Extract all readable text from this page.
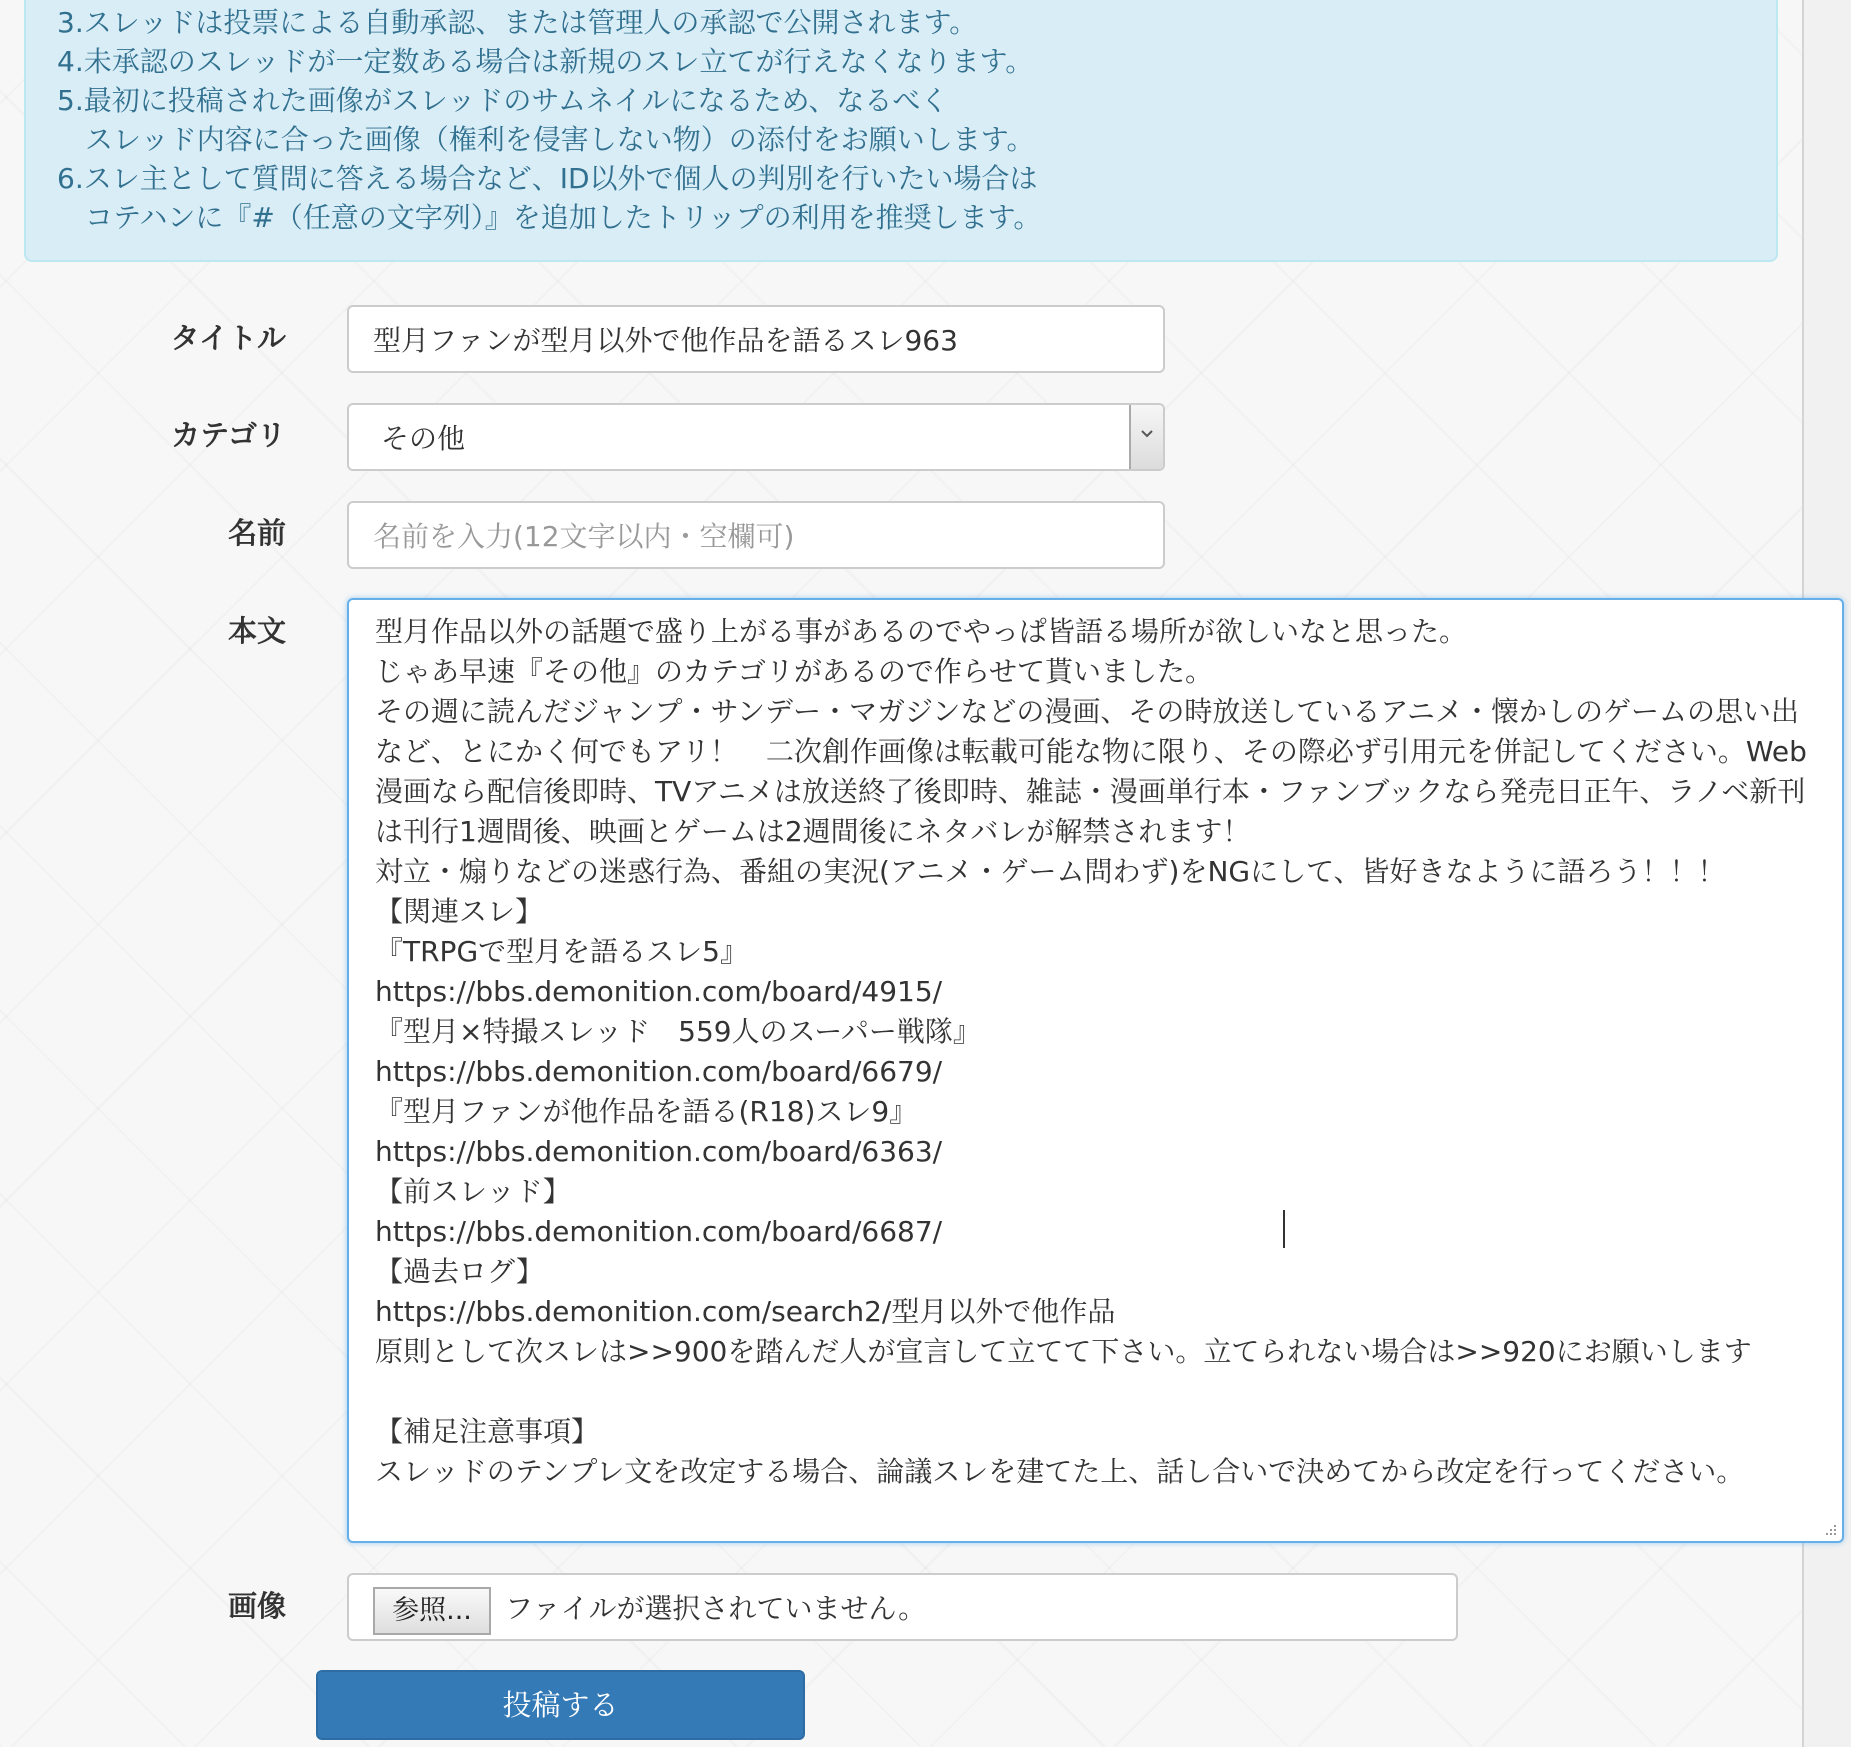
3.スレッドは投票による自動承認、または管理人の承認で公開されます。
4.未承認のスレッドが一定数ある場合は新規のスレ立てが行えなくなります。
5.最初に投稿された画像がスレッドのサムネイルになるため、なるべく
　スレッド内容に合った画像（権利を侵害しない物）の添付をお願いします。
6.スレ主として質問に答える場合など、ID以外で個人の判別を行いたい場合は
　コテハンに『#（任意の文字列）』を追加したトリップの利用を推奨します。
タイトル	型月ファンが型月以外で他作品を語るスレ963
カテゴリ	その他
名前	名前を入力(12文字以内・空欄可)
本文	型月作品以外の話題で盛り上がる事があるのでやっぱ皆語る場所が欲しいなと思った。
じゃあ早速『その他』のカテゴリがあるので作らせて貰いました。
その週に読んだジャンプ・サンデー・マガジンなどの漫画、その時放送しているアニメ・懐かしのゲームの思い出
など、とにかく何でもアリ！　二次創作画像は転載可能な物に限り、その際必ず引用元を併記してください。Web
漫画なら配信後即時、TVアニメは放送終了後即時、雑誌・漫画単行本・ファンブックなら発売日正午、ラノベ新刊
は刊行1週間後、映画とゲームは2週間後にネタバレが解禁されます！
対立・煽りなどの迷惑行為、番組の実況(アニメ・ゲーム問わず)をNGにして、皆好きなように語ろう！！！
【関連スレ】
『TRPGで型月を語るスレ5』
https://bbs.demonition.com/board/4915/
『型月×特撮スレッド　559人のスーパー戦隊』
https://bbs.demonition.com/board/6679/
『型月ファンが他作品を語る(R18)スレ9』
https://bbs.demonition.com/board/6363/
【前スレッド】
https://bbs.demonition.com/board/6687/
【過去ログ】
https://bbs.demonition.com/search2/型月以外で他作品
原則として次スレは>>900を踏んだ人が宣言して立てて下さい。立てられない場合は>>920にお願いします
【補足注意事項】
スレッドのテンプレ文を改定する場合、論議スレを建てた上、話し合いで決めてから改定を行ってください。
画像	参照...	ファイルが選択されていません。
投稿する
